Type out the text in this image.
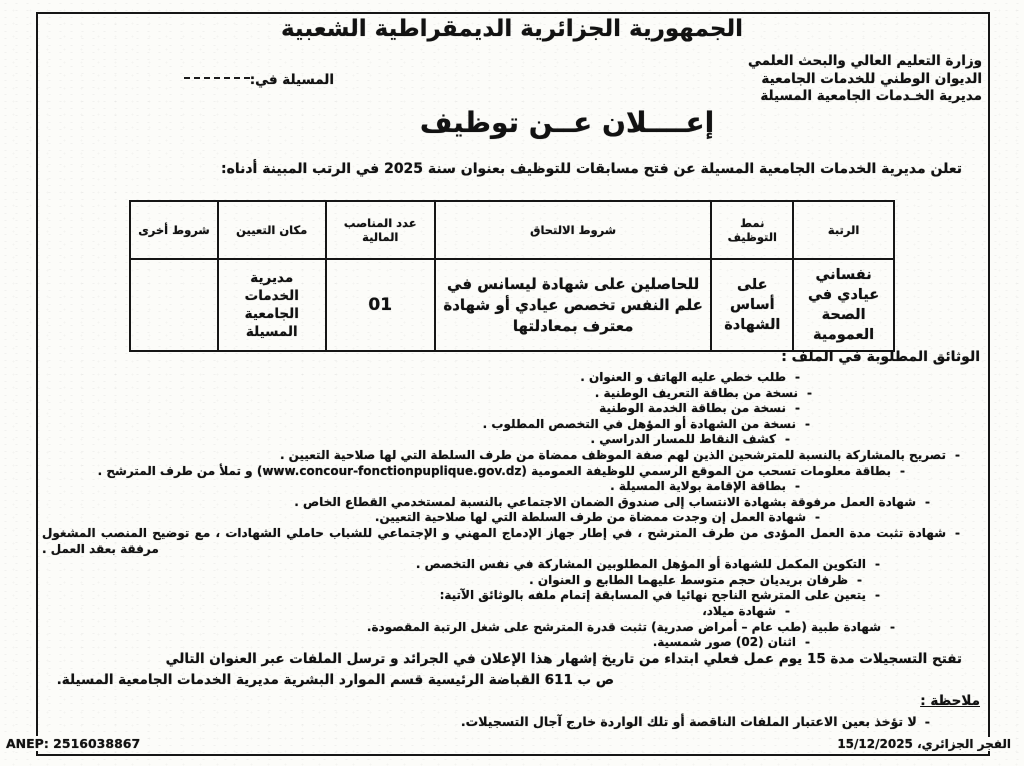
الجمهورية الجزائرية الديمقراطية الشعبية
وزارة التعليم العالي والبحث العلمي
الديوان الوطني للخدمات الجامعية
مديرية الخـدمات الجامعية المسيلة
المسيلة في:
إعــــلان عــن توظيف
تعلن مديرية الخدمات الجامعية المسيلة عن فتح مسابقات للتوظيف بعنوان سنة 2025 في الرتب المبينة أدناه:
الرتبة	نمط التوظيف	شروط الالتحاق	عدد المناصب المالية	مكان التعيين	شروط أخرى
نفساني عيادي في الصحة العمومية	على أساس الشهادة	للحاصلين على شهادة ليسانس في علم النفس تخصص عيادي أو شهادة معترف بمعادلتها	01	مديرية الخدمات الجامعية المسيلة	
الوثائق المطلوبة في الملف :
-طلب خطي عليه الهاتف و العنوان .
-نسخة من بطاقة التعريف الوطنية .
-نسخة من بطاقة الخدمة الوطنية
-نسخة من الشهادة أو المؤهل في التخصص المطلوب .
-كشف النقاط للمسار الدراسي .
-تصريح بالمشاركة بالنسبة للمترشحين الذين لهم صفة الموظف ممضاة من طرف السلطة التي لها صلاحية التعيين .
-بطاقة معلومات تسحب من الموقع الرسمي للوظيفة العمومية (www.concour-fonctionpuplique.gov.dz) و تملأ من طرف المترشح .
-بطاقة الإقامة بولاية المسيلة .
-شهادة العمل مرفوقة بشهادة الانتساب إلى صندوق الضمان الاجتماعي بالنسبة لمستخدمي القطاع الخاص .
-شهادة العمل إن وجدت ممضاة من طرف السلطة التي لها صلاحية التعيين.
-شهادة تثبت مدة العمل المؤدى من طرف المترشح ، في إطار جهاز الإدماج المهني و الإجتماعي للشباب حاملي الشهادات ، مع توضيح المنصب المشغول مرفقة بعقد العمل .
-التكوين المكمل للشهادة أو المؤهل المطلوبين المشاركة في نفس التخصص .
-ظرفان بريديان حجم متوسط عليهما الطابع و العنوان .
-يتعين على المترشح الناجح نهائيا في المسابقة إتمام ملفه بالوثائق الآتية:
-شهادة ميلاد،
-شهادة طبية (طب عام – أمراض صدرية) تثبت قدرة المترشح على شغل الرتبة المقصودة.
-اثنان (02) صور شمسية.
تفتح التسجيلات مدة 15 يوم عمل فعلي ابتداء من تاريخ إشهار هذا الإعلان في الجرائد و ترسل الملفات عبر العنوان التالي
ص ب 611 القباضة الرئيسية قسم الموارد البشرية مديرية الخدمات الجامعية المسيلة.
ملاحظة :
-لا تؤخذ بعين الاعتبار الملفات الناقصة أو تلك الواردة خارج آجال التسجيلات.
ANEP: 2516038867	الفجر الجزائري، 15/12/2025
